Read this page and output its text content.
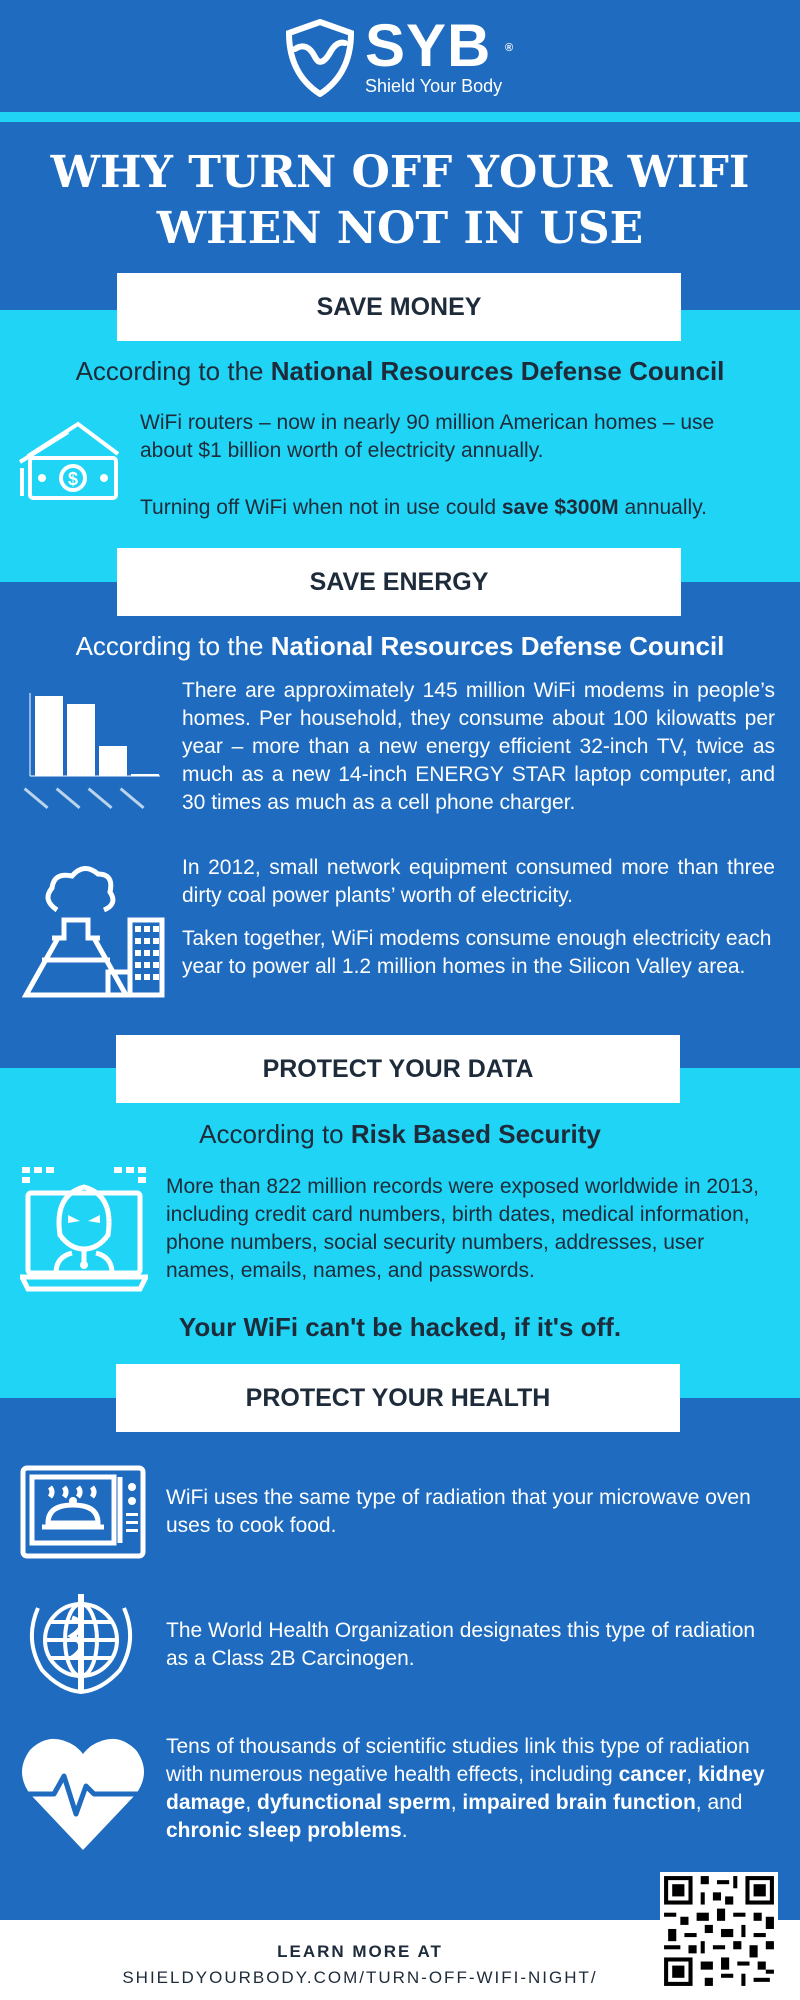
SYB ®
Shield Your Body
WHY TURN OFF YOUR WIFI
WHEN NOT IN USE
SAVE MONEY
According to the National Resources Defense Council
$
WiFi routers – now in nearly 90 million American homes – use about $1 billion worth of electricity annually.
Turning off WiFi when not in use could save $300M annually.
SAVE ENERGY
According to the National Resources Defense Council
There are approximately 145 million WiFi modems in people’s homes. Per household, they consume about 100 kilowatts per year – more than a new energy efficient 32-inch TV, twice as much as a new 14-inch ENERGY STAR laptop computer, and 30 times as much as a cell phone charger.
In 2012, small network equipment consumed more than three dirty coal power plants’ worth of electricity.
Taken together, WiFi modems consume enough electricity each year to power all 1.2 million homes in the Silicon Valley area.
PROTECT YOUR DATA
According to Risk Based Security
More than 822 million records were exposed worldwide in 2013, including credit card numbers, birth dates, medical information, phone numbers, social security numbers, addresses, user names, emails, names, and passwords.
Your WiFi can't be hacked, if it's off.
PROTECT YOUR HEALTH
WiFi uses the same type of radiation that your microwave oven uses to cook food.
The World Health Organization designates this type of radiation as a Class 2B Carcinogen.
Tens of thousands of scientific studies link this type of radiation with numerous negative health effects, including cancer, kidney damage, dyfunctional sperm, impaired brain function, and chronic sleep problems.
LEARN MORE AT
SHIELDYOURBODY.COM/TURN-OFF-WIFI-NIGHT/
